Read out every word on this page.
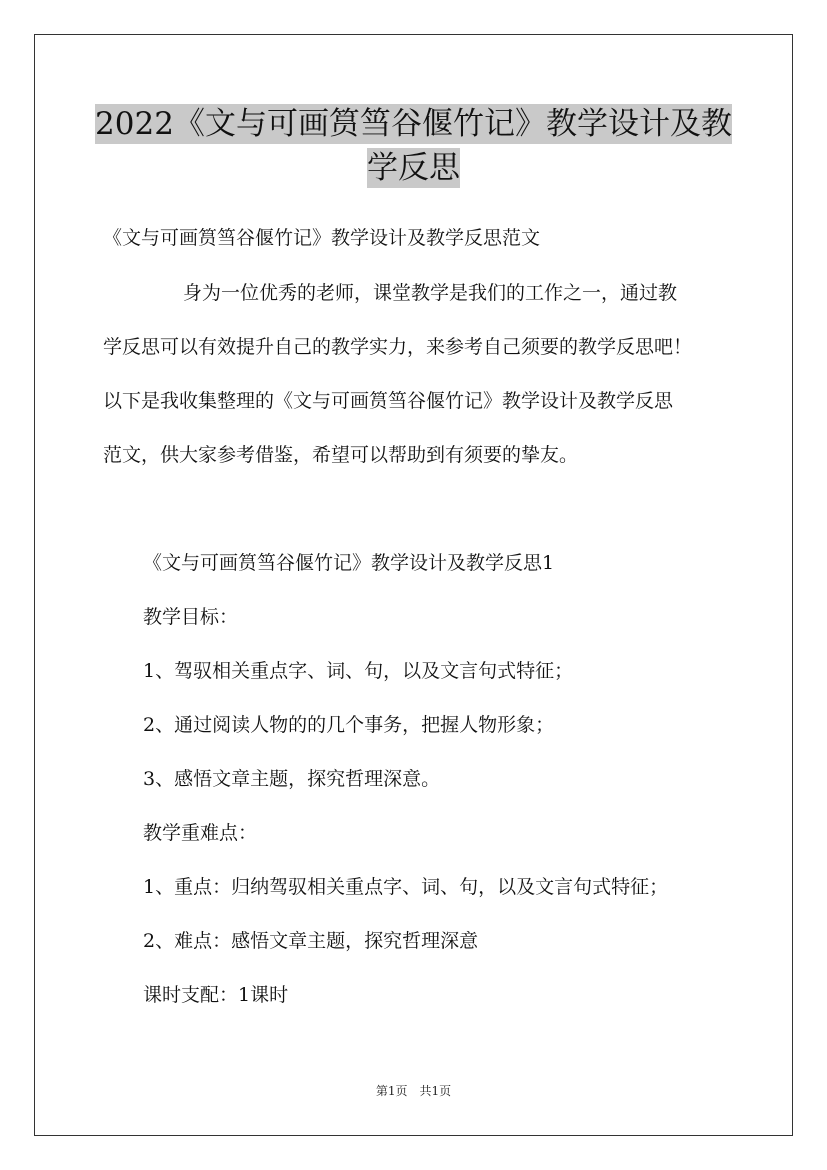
2022《文与可画筼筜谷偃竹记》教学设计及教
学反思
《文与可画筼筜谷偃竹记》教学设计及教学反思范文
身为一位优秀的老师，课堂教学是我们的工作之一，通过教
学反思可以有效提升自己的教学实力，来参考自己须要的教学反思吧！
以下是我收集整理的《文与可画筼筜谷偃竹记》教学设计及教学反思
范文，供大家参考借鉴，希望可以帮助到有须要的挚友。
《文与可画筼筜谷偃竹记》教学设计及教学反思1
教学目标：
1、驾驭相关重点字、词、句，以及文言句式特征；
2、通过阅读人物的的几个事务，把握人物形象；
3、感悟文章主题，探究哲理深意。
教学重难点：
1、重点：归纳驾驭相关重点字、词、句，以及文言句式特征；
2、难点：感悟文章主题，探究哲理深意
课时支配：1课时
第1页　共1页
